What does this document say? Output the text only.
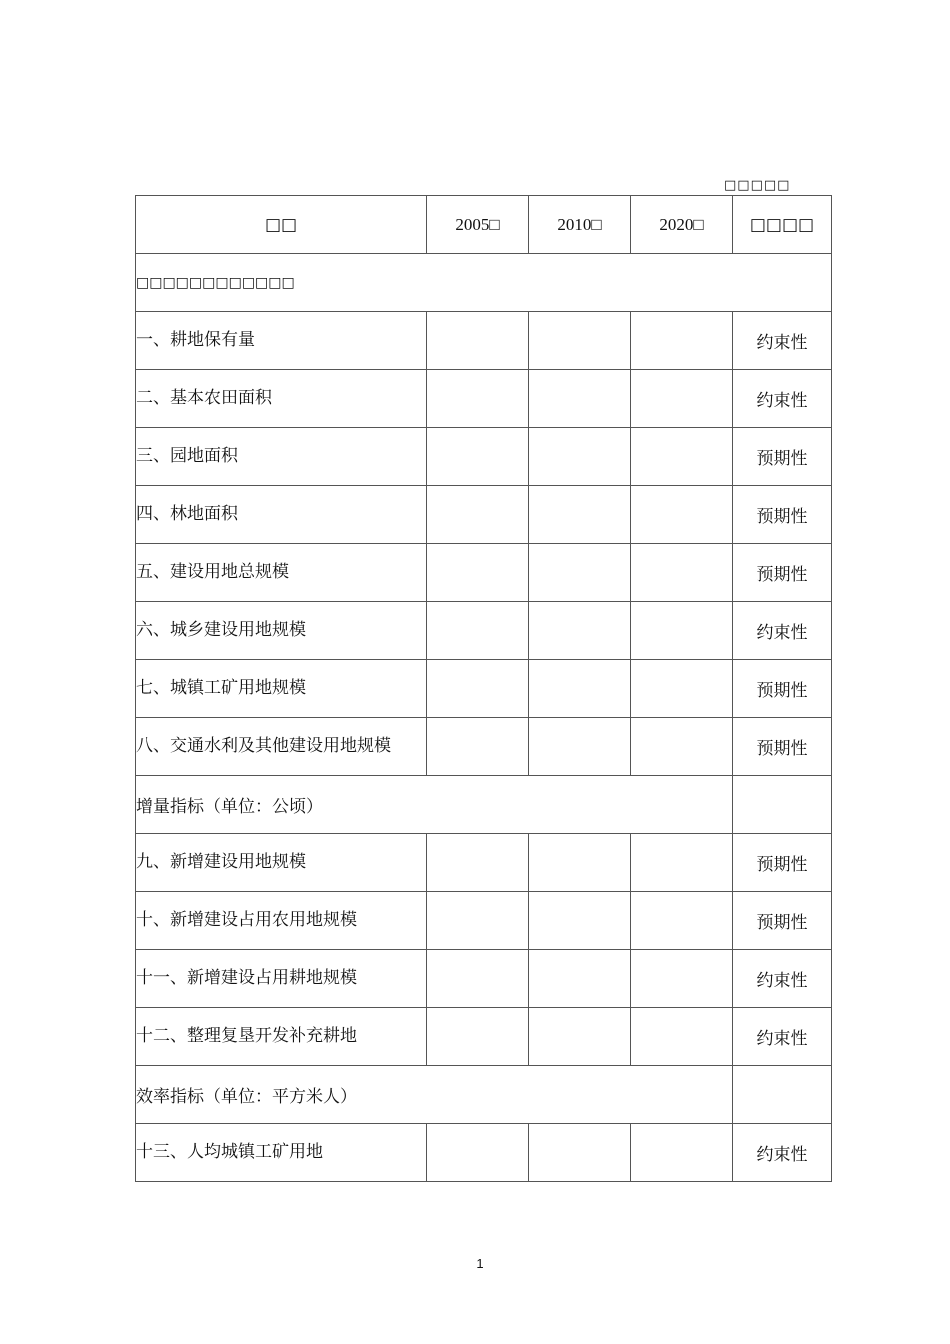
□□□□□
□□	2005□	2010□	2020□	□□□□
□□□□□□□□□□□□				
一、耕地保有量				约束性
二、基本农田面积				约束性
三、园地面积				预期性
四、林地面积				预期性
五、建设用地总规模				预期性
六、城乡建设用地规模				约束性
七、城镇工矿用地规模				预期性
八、交通水利及其他建设用地规模				预期性
增量指标（单位：公顷）				
九、新增建设用地规模				预期性
十、新增建设占用农用地规模				预期性
十一、新增建设占用耕地规模				约束性
十二、整理复垦开发补充耕地				约束性
效率指标（单位：平方米人）				
十三、人均城镇工矿用地				约束性
1
